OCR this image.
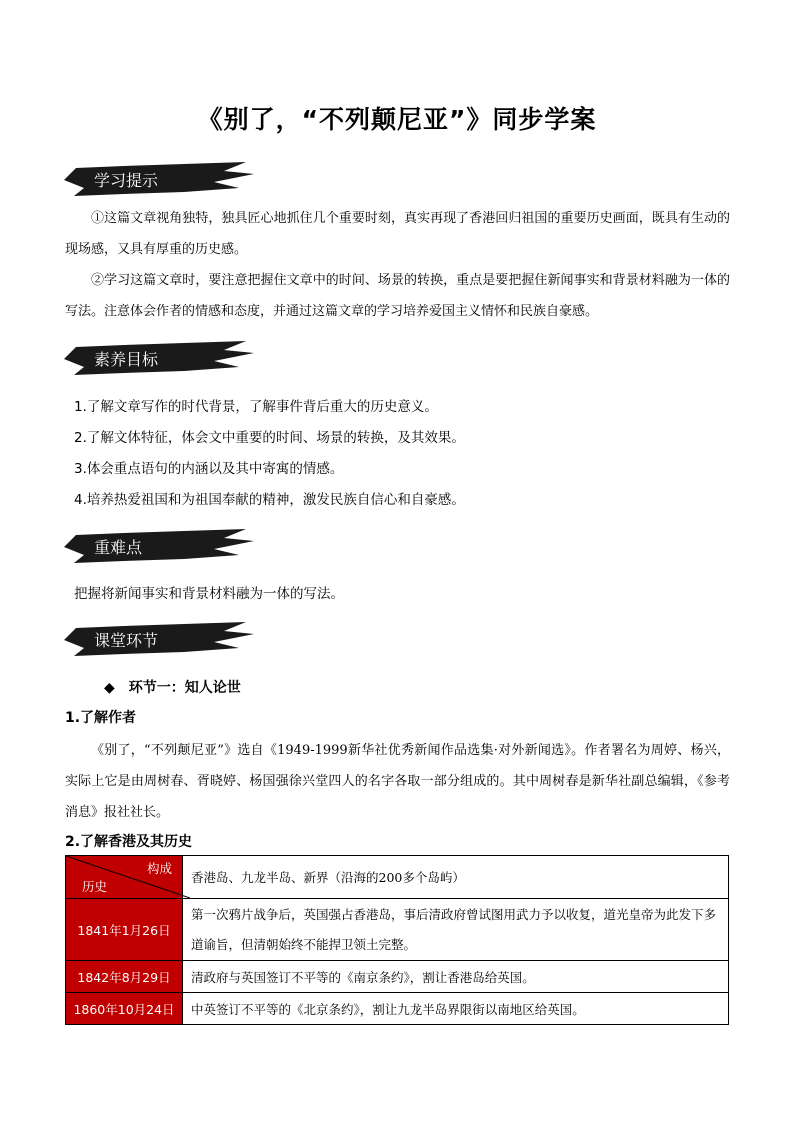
《别了，“不列颠尼亚”》同步学案
学习提示
①这篇文章视角独特，独具匠心地抓住几个重要时刻，真实再现了香港回归祖国的重要历史画面，既具有生动的现场感，又具有厚重的历史感。
②学习这篇文章时，要注意把握住文章中的时间、场景的转换，重点是要把握住新闻事实和背景材料融为一体的写法。注意体会作者的情感和态度，并通过这篇文章的学习培养爱国主义情怀和民族自豪感。
素养目标
1.了解文章写作的时代背景，了解事件背后重大的历史意义。
2.了解文体特征，体会文中重要的时间、场景的转换，及其效果。
3.体会重点语句的内涵以及其中寄寓的情感。
4.培养热爱祖国和为祖国奉献的精神，激发民族自信心和自豪感。
重难点
把握将新闻事实和背景材料融为一体的写法。
课堂环节
◆　环节一：知人论世
1.了解作者
《别了，“不列颠尼亚”》选自《1949-1999新华社优秀新闻作品选集·对外新闻选》。作者署名为周婷、杨兴，实际上它是由周树春、胥晓婷、杨国强徐兴堂四人的名字各取一部分组成的。其中周树春是新华社副总编辑，《参考消息》报社社长。
2.了解香港及其历史
构成
历史	香港岛、九龙半岛、新界（沿海的200多个岛屿）
1841年1月26日	第一次鸦片战争后，英国强占香港岛，事后清政府曾试图用武力予以收复，道光皇帝为此发下多道谕旨，但清朝始终不能捍卫领土完整。
1842年8月29日	清政府与英国签订不平等的《南京条约》，割让香港岛给英国。
1860年10月24日	中英签订不平等的《北京条约》，割让九龙半岛界限街以南地区给英国。
